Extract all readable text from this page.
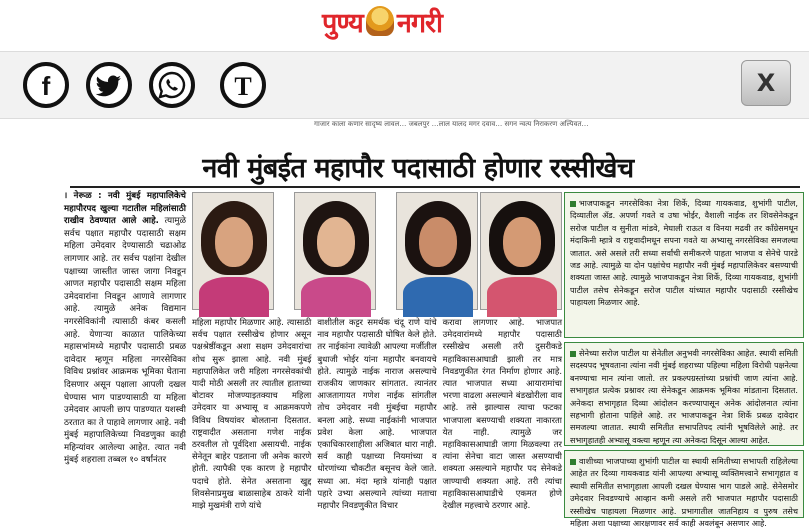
पुण्य नगरी
f	T	X
गाजार काला कणार सादृष्य लावल… जबलपुर …लाल यालद मगर दवाव… सगन न्वत्य निराकरण अल्पिवत…
नवी मुंबईत महापौर पदासाठी होणार रस्सीखेच
। नेरूळ : नवी मुंबई महापालिकेचे महापौरपद खुल्या गटातील महिलांसाठी राखीव ठेवण्यात आले आहे. त्यामुळे सर्वच पक्षात महापौर पदासाठी सक्षम महिला उमेदवार देण्यासाठी चढाओढ लागणार आहे. तर सर्वच पक्षांना देखील पक्षाच्या जास्तीत जास्त जागा निवडून आणत महापौर पदासाठी सक्षम महिला उमेदवारांना निवडून आणावे लागणार आहे. त्यामुळे अनेक विद्यमान नगरसेविकांनी त्यासाठी कंबर कसली आहे. येणाऱ्या काळात पालिकेच्या महासभांमध्ये महापौर पदासाठी प्रबळ दावेदार म्हणून महिला नगरसेविका विविध प्रश्नांवर आक्रमक भूमिका घेताना दिसणार असून पक्षाला आपली दखल घेण्यास भाग पाडण्यासाठी या महिला उमेदवार आपली छाप पाडण्यात यशस्वी ठरतात का ते पाहावे लागणार आहे. नवी मुंबई महापालिकेच्या निवडणुका काही महिन्यांवर आलेल्या आहेत. त्यात नवी मुंबई शहराला तब्बल १० वर्षांनंतर
महिला महापौर मिळणार आहे. त्यासाठी सर्वच पक्षात रस्सीखेच होणार असून पक्षश्रेष्ठींकडून अशा सक्षम उमेदवारांचा शोध सुरू झाला आहे. नवी मुंबई महापालिकेत जरी महिला नगरसेवकांची यादी मोठी असली तर त्यातील हाताच्या बोटावर मोजण्याइतक्याच महिला उमेदवार या अभ्यासू व आक्रमकपणे विविध विषयांवर बोलताना दिसतात. राष्ट्रवादीत असताना गणेश नाईक ठरवतील तो पूर्वदिशा असायची. नाईक सेनेतून बाहेर पडताना जी अनेक कारणे होती. त्यापैकी एक कारण हे महापौर पदाचे होते. सेनेत असताना खुद्द शिवसेनाप्रमुख बाळासाहेब ठाकरे यांनी माझे मुखमंत्री राणे यांचे
वाशीतील कट्टर समर्थक चंदू राणे यांचे नाव महापौर पदासाठी घोषित केले होते. तर नाईकांना त्यावेळी आपल्या मर्जीतील बुधाजी भोईर यांना महापौर बनवायचे होते. त्यामुळे नाईक नाराज असल्याचे राजकीय जाणकार सांगतात. त्यानंतर आजतागायत गणेश नाईक सांगतील तोच उमेदवार नवी मुंबईचा महापौर बनला आहे. सध्या नाईकांनी भाजपात प्रवेश केला आहे. भाजपात एकाधिकारशाहीला अजिबात थारा नाही. सर्व काही पक्षाच्या नियमांच्या व धोरणांच्या चौकटीत बसूनच केले जाते. सध्या आ. मंदा म्हात्रे यांनाही पक्षात पहारे उभ्या असल्याने त्यांच्या मताचा महापौर निवडणुकीत विचार
करावा लागणार आहे. भाजपात उमेदवारांमध्ये महापौर पदासाठी रस्सीखेच असली तरी दुसरीकडे महाविकासआघाडी झाली तर मात्र निवडणुकीत रंगत निर्माण होणार आहे. त्यात भाजपात सध्या आयारामांचा भरणा वाढला असल्याने बंडखोरीला वाव आहे. तसे झाल्यास त्याचा फटका भाजपाला बसण्याची शक्यता नाकारता येत नाही. त्यामुळे जर महाविकासआघाडी जागा मिळवल्या तर त्यांना सेनेचा वाटा जास्त असण्याची शक्यता असल्याने महापौर पद सेनेकडे जाण्याची शक्यता आहे. तरी त्यांचा महाविकासआघाडीचे एकमत होणे देखील महत्त्वाचे ठरणार आहे.
भाजपाकडून नगरसेविका नेत्रा शिर्के, दिव्या गायकवाड, शुभांगी पाटील, दिव्यातील ॲड. अपर्णा गवते व उषा भोईर, वैशाली नाईक तर शिवसेनेकडून सरोज पाटील व सुनीता मांडवे, मेघाली राऊत व विनया मढवी तर काँग्रेसमधून मंदाकिनी म्हात्रे व राष्ट्रवादीमधून सपना गवते या अभ्यासू नगरसेविका समजल्या जातात. असे असले तरी सध्या सर्वांची समीकरणे पाहता भाजपा व सेनेचे पारडे जड आहे. त्यामुळे या दोन पक्षांचेच महापौर नवी मुंबई महापालिकेवर बसण्याची शक्यता जास्त आहे. त्यामुळे भाजपाकडून नेत्रा शिर्के, दिव्या गायकवाड, शुभांगी पाटील तसेच सेनेकडून सरोज पाटील यांच्यात महापौर पदासाठी रस्सीखेच पाहायला मिळणार आहे.
सेनेच्या सरोज पाटील या सेनेतील अनुभवी नगरसेविका आहेत. स्थायी समिती सदस्यपद भूषवताना त्यांना नवी मुंबई शहराच्या पहिल्या महिला विरोधी पक्षनेत्या बनण्याचा मान त्यांना जातो. तर प्रकल्पग्रस्तांच्या प्रश्नांची जाण त्यांना आहे. सभागृहात प्रत्येक प्रश्नावर त्या सेनेकडून आक्रमक भूमिका मांडताना दिसतात. अनेकदा सभागृहात दिव्या आंदोलन करण्यापासून अनेक आंदोलनात त्यांना सहभागी होताना पाहिले आहे. तर भाजपाकडून नेत्रा शिर्के प्रबळ दावेदार समजल्या जातात. स्थायी समितीत सभापतिपद त्यांनी भूषविलेले आहे. तर सभागृहातही अभ्यासू वक्त्या म्हणून त्या अनेकदा दिसून आल्या आहेत.
वाशीच्या भाजपाच्या शुभांगी पाटील या स्थायी समितीच्या सभापती राहिलेल्या आहेत तर दिव्या गायकवाड यांनी आपल्या अभ्यासू व्यक्तिमत्त्वाने सभागृहात व स्थायी समितीत सभागृहाला आपली दखल घेण्यास भाग पाडले आहे. सेनेसमोर उमेदवार निवडण्याचे आव्हान कमी असले तरी भाजपात महापौर पदासाठी रस्सीखेच पाहायला मिळणार आहे. प्रभागातील जातनिहाय व पुरुष तसेच महिला अशा पक्षाच्या आरक्षणावर सर्व काही अवलंबून असणार आहे.
